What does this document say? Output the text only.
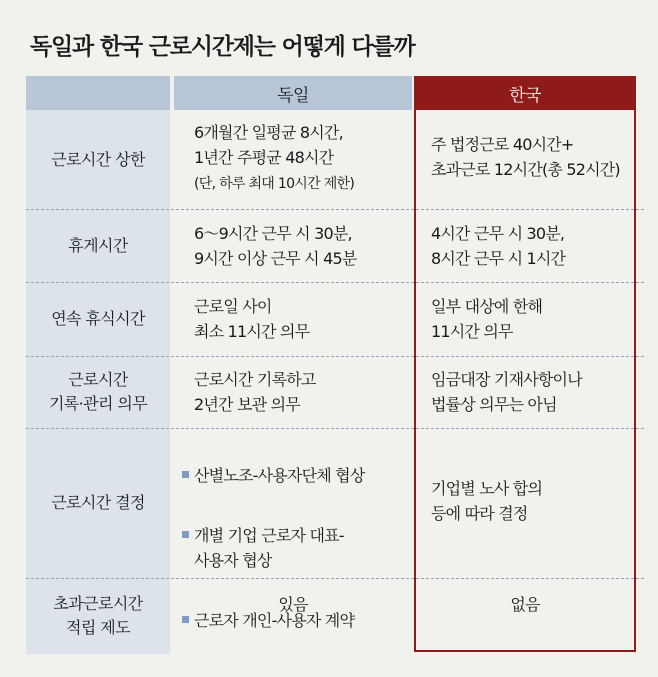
독일과 한국 근로시간제는 어떻게 다를까
독일	한국
근로시간 상한
6개월간 일평균 8시간,
1년간 주평균 48시간
(단, 하루 최대 10시간 제한)
주 법정근로 40시간+
초과근로 12시간(총 52시간)
휴게시간
6～9시간 근무 시 30분,
9시간 이상 근무 시 45분
4시간 근무 시 30분,
8시간 근무 시 1시간
연속 휴식시간
근로일 사이
최소 11시간 의무
일부 대상에 한해
11시간 의무
근로시간
기록·관리 의무
근로시간 기록하고
2년간 보관 의무
임금대장 기재사항이나
법률상 의무는 아님
근로시간 결정

산별노조-사용자단체 협상

개별 기업 근로자 대표-
사용자 협상

근로자 개인-사용자 계약

기업별 노사 합의
등에 따라 결정
초과근로시간
적립 제도
있음	없음
